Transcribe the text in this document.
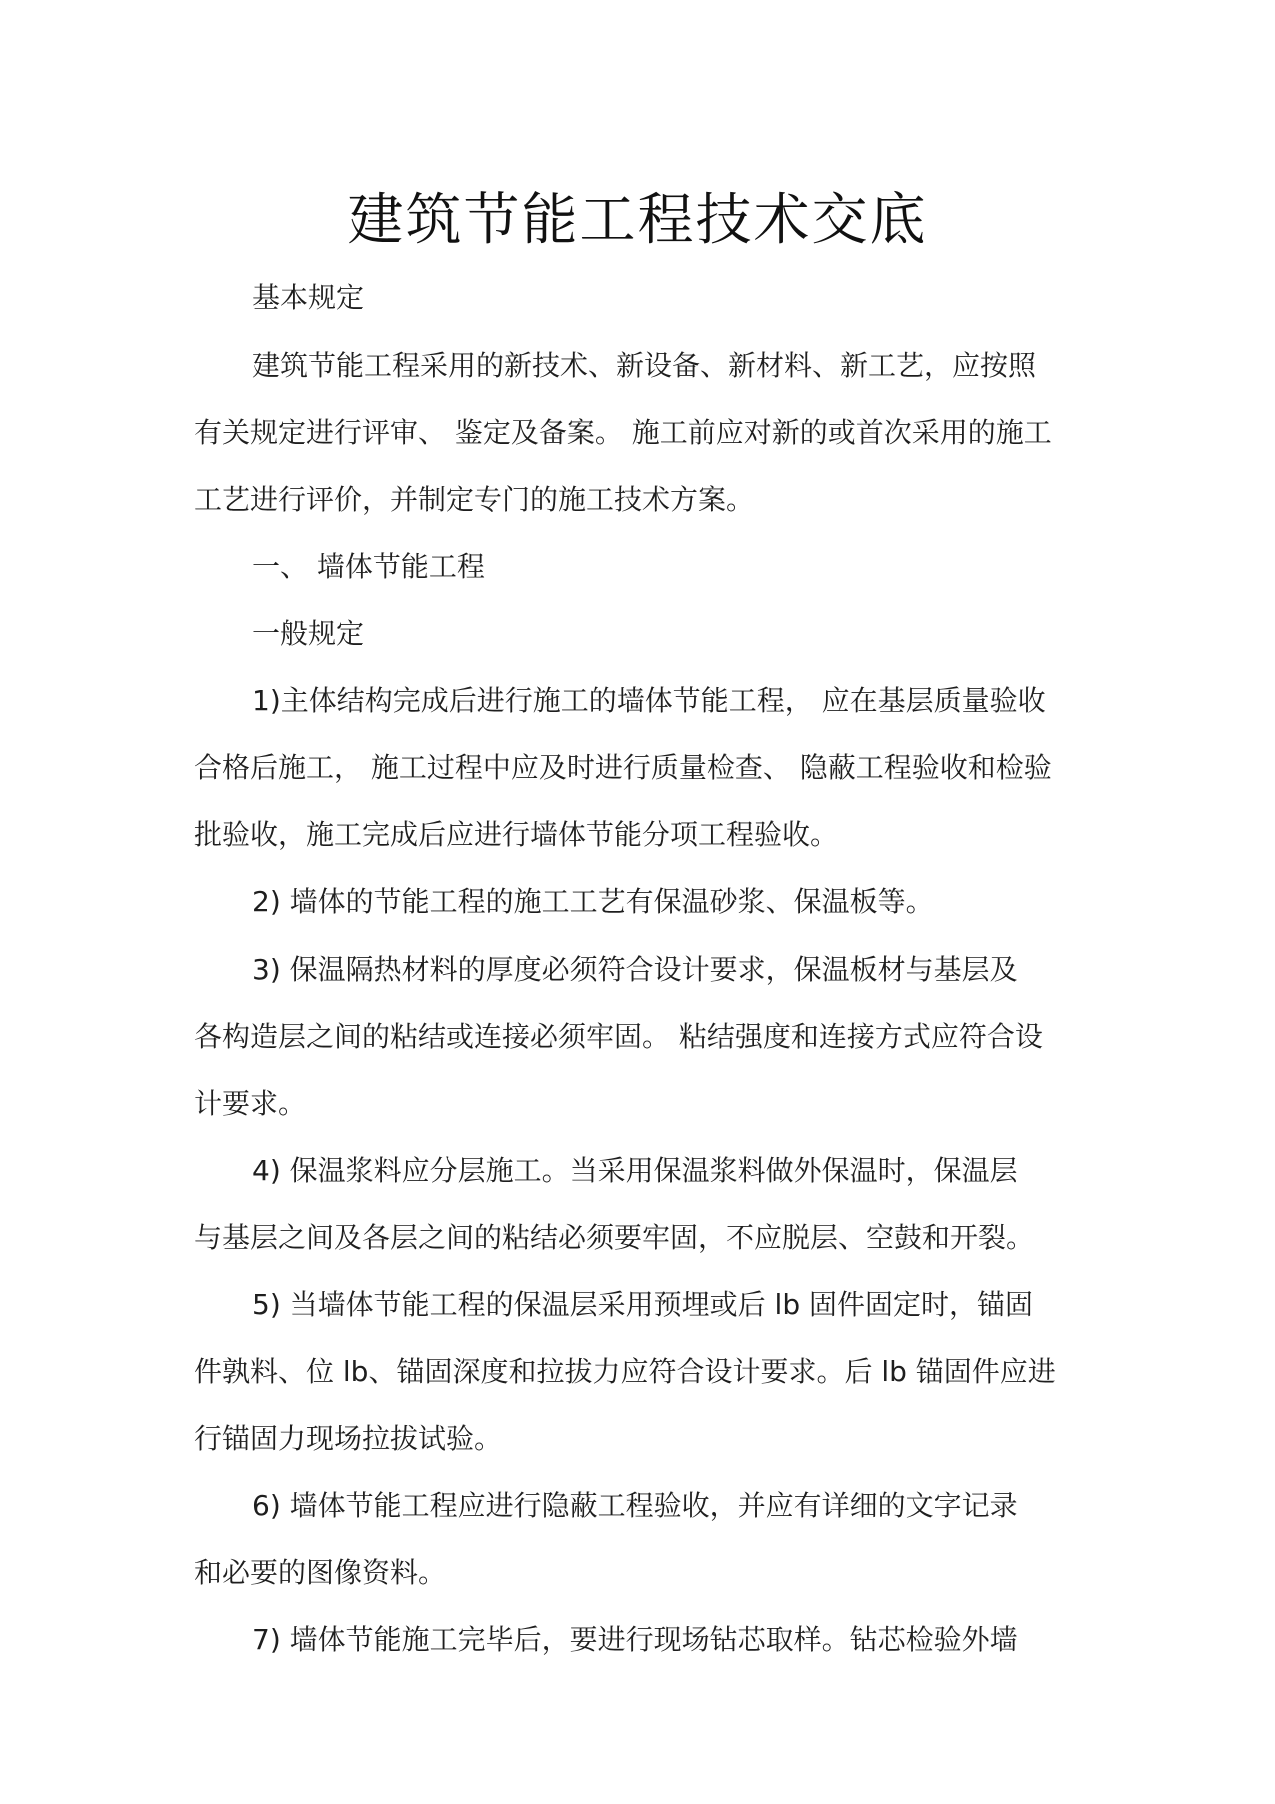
建筑节能工程技术交底
基本规定
建筑节能工程采用的新技术、新设备、新材料、新工艺，应按照
有关规定进行评审、 鉴定及备案。 施工前应对新的或首次采用的施工
工艺进行评价，并制定专门的施工技术方案。
一、 墙体节能工程
一般规定
1)主体结构完成后进行施工的墙体节能工程， 应在基层质量验收
合格后施工， 施工过程中应及时进行质量检查、 隐蔽工程验收和检验
批验收，施工完成后应进行墙体节能分项工程验收。
2) 墙体的节能工程的施工工艺有保温砂浆、保温板等。
3) 保温隔热材料的厚度必须符合设计要求，保温板材与基层及
各构造层之间的粘结或连接必须牢固。 粘结强度和连接方式应符合设
计要求。
4) 保温浆料应分层施工。当采用保温浆料做外保温时，保温层
与基层之间及各层之间的粘结必须要牢固，不应脱层、空鼓和开裂。
5) 当墙体节能工程的保温层采用预埋或后 lb 固件固定时，锚固
件孰料、位 lb、锚固深度和拉拔力应符合设计要求。后 lb 锚固件应进
行锚固力现场拉拔试验。
6) 墙体节能工程应进行隐蔽工程验收，并应有详细的文字记录
和必要的图像资料。
7) 墙体节能施工完毕后，要进行现场钻芯取样。钻芯检验外墙
